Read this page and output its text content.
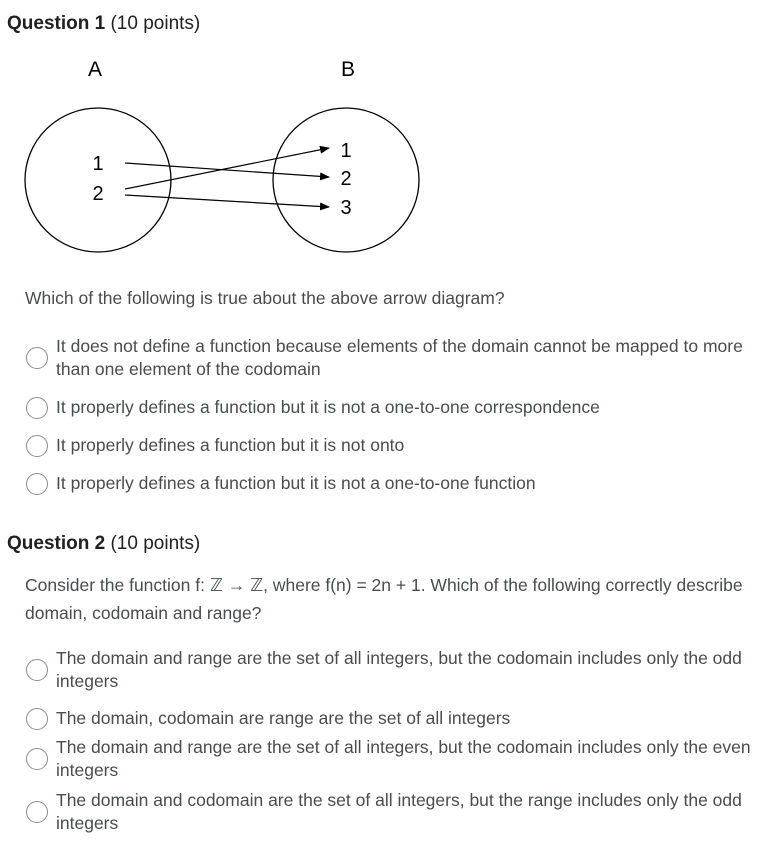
Question 1 (10 points)
A	B
1
2
1
2
3
Which of the following is true about the above arrow diagram?
It does not define a function because elements of the domain cannot be mapped to more than one element of the codomain
It properly defines a function but it is not a one-to-one correspondence
It properly defines a function but it is not onto
It properly defines a function but it is not a one-to-one function
Question 2 (10 points)
Consider the function f: ℤ → ℤ, where f(n) = 2n + 1. Which of the following correctly describe domain, codomain and range?
The domain and range are the set of all integers, but the codomain includes only the odd integers
The domain, codomain are range are the set of all integers
The domain and range are the set of all integers, but the codomain includes only the even integers
The domain and codomain are the set of all integers, but the range includes only the odd integers
